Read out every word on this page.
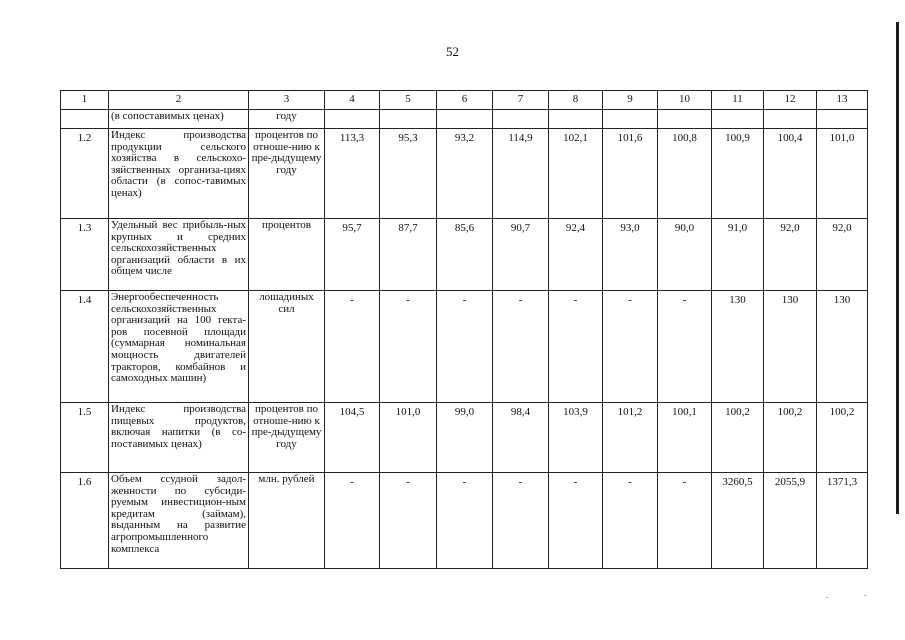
52
.	.
1	2	3	4	5	6	7	8	9	10	11	12	13
	(в сопоставимых ценах)	году										
1.2	Индекс производства продукции сельского хозяйства в сельскохо-зяйственных организа-циях области (в сопос-тавимых ценах)	процентов по отноше-нию к пре-дыдущему году	113,3	95,3	93,2	114,9	102,1	101,6	100,8	100,9	100,4	101,0
1.3	Удельный вес прибыль-ных крупных и средних сельскохозяйственных организаций области в их общем числе	процентов	95,7	87,7	85,6	90,7	92,4	93,0	90,0	91,0	92,0	92,0
1.4	Энергообеспеченность сельскохозяйственных организаций на 100 гекта-ров посевной площади (суммарная номинальная мощность двигателей тракторов, комбайнов и самоходных машин)	лошадиных сил	-	-	-	-	-	-	-	130	130	130
1.5	Индекс производства пищевых продуктов, включая напитки (в со-поставимых ценах)	процентов по отноше-нию к пре-дыдущему году	104,5	101,0	99,0	98,4	103,9	101,2	100,1	100,2	100,2	100,2
1.6	Объем ссудной задол-женности по субсиди-руемым инвестицион-ным кредитам (займам), выданным на развитие агропромышленного комплекса	млн. рублей	-	-	-	-	-	-	-	3260,5	2055,9	1371,3
